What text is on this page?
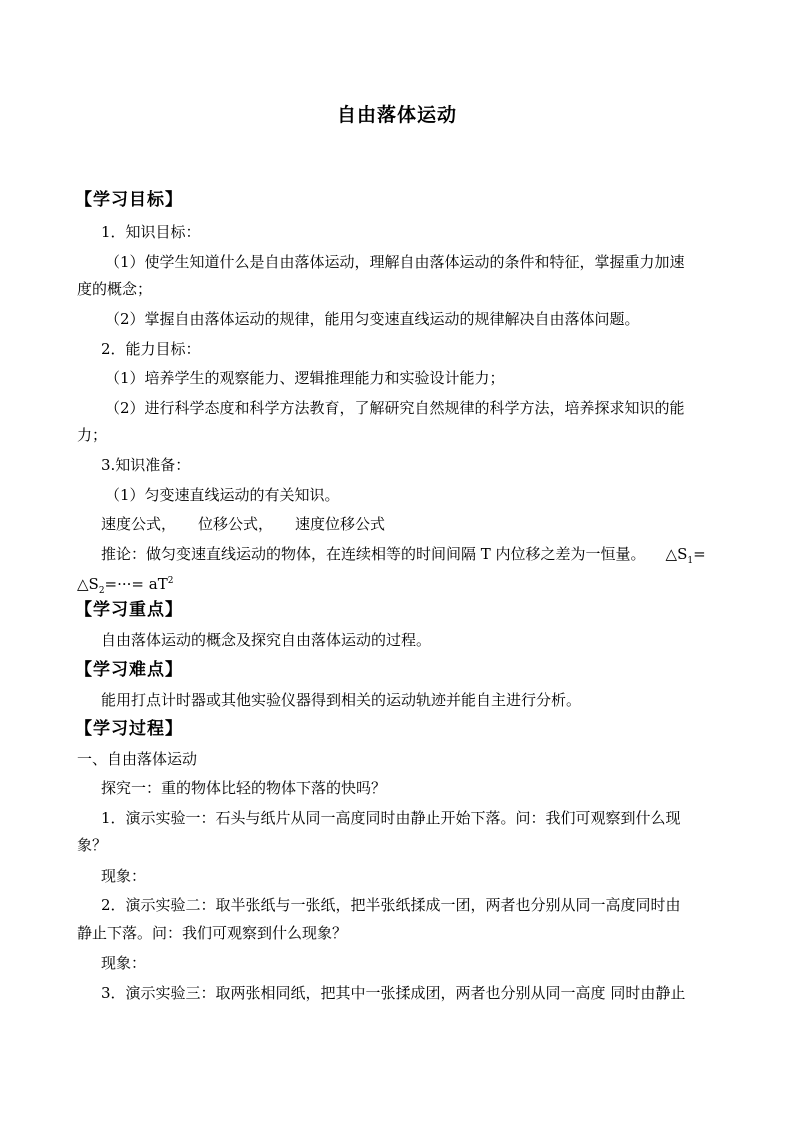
自由落体运动
【学习目标】
1．知识目标：
（1）使学生知道什么是自由落体运动，理解自由落体运动的条件和特征，掌握重力加速
度的概念；
（2）掌握自由落体运动的规律，能用匀变速直线运动的规律解决自由落体问题。
2．能力目标：
（1）培养学生的观察能力、逻辑推理能力和实验设计能力；
（2）进行科学态度和科学方法教育，了解研究自然规律的科学方法，培养探求知识的能
力；
3.知识准备：
（1）匀变速直线运动的有关知识。
速度公式， 位移公式， 速度位移公式
推论：做匀变速直线运动的物体，在连续相等的时间间隔 T 内位移之差为一恒量。 $\triangle S_1=$
$\triangle S_2=\cdot\cdot\cdot= aT^2$
【学习重点】
自由落体运动的概念及探究自由落体运动的过程。
【学习难点】
能用打点计时器或其他实验仪器得到相关的运动轨迹并能自主进行分析。
【学习过程】
一、自由落体运动
探究一：重的物体比轻的物体下落的快吗？
1．演示实验一：石头与纸片从同一高度同时由静止开始下落。问：我们可观察到什么现
象？
现象：
2．演示实验二：取半张纸与一张纸，把半张纸揉成一团，两者也分别从同一高度同时由
静止下落。问：我们可观察到什么现象？
现象：
3．演示实验三：取两张相同纸，把其中一张揉成团，两者也分别从同一高度 同时由静止
